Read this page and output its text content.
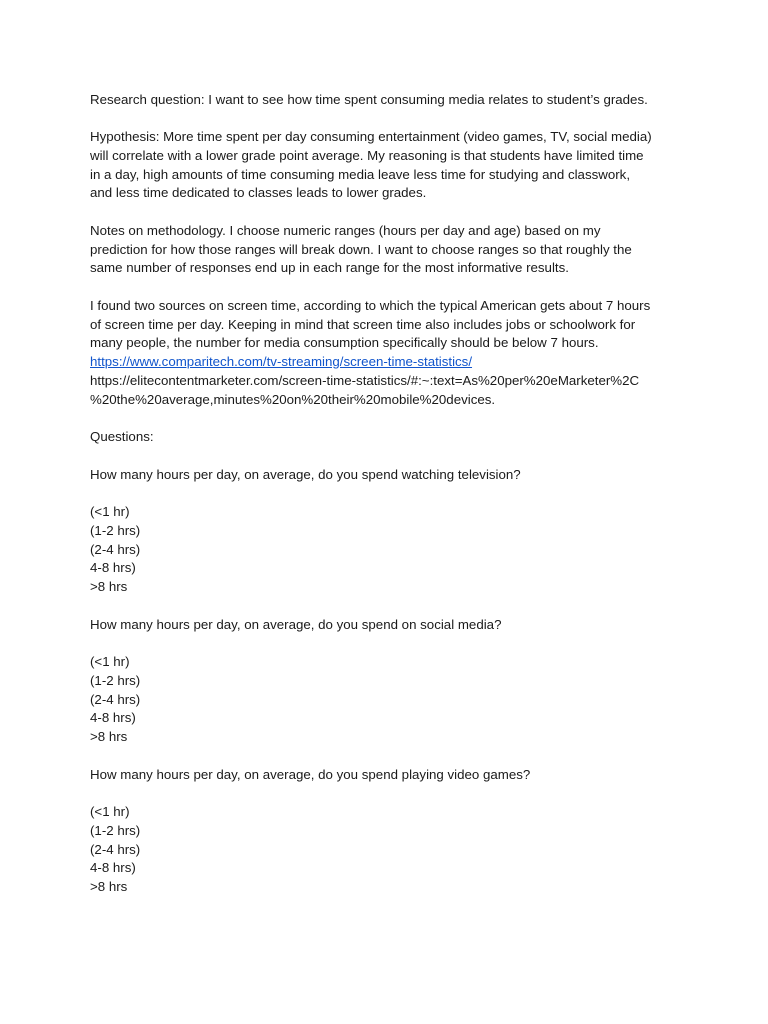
Research question: I want to see how time spent consuming media relates to student’s grades.
Hypothesis: More time spent per day consuming entertainment (video games, TV, social media)
will correlate with a lower grade point average. My reasoning is that students have limited time
in a day, high amounts of time consuming media leave less time for studying and classwork,
and less time dedicated to classes leads to lower grades.
Notes on methodology. I choose numeric ranges (hours per day and age) based on my
prediction for how those ranges will break down. I want to choose ranges so that roughly the
same number of responses end up in each range for the most informative results.
I found two sources on screen time, according to which the typical American gets about 7 hours
of screen time per day. Keeping in mind that screen time also includes jobs or schoolwork for
many people, the number for media consumption specifically should be below 7 hours.
https://www.comparitech.com/tv-streaming/screen-time-statistics/
https://elitecontentmarketer.com/screen-time-statistics/#:~:text=As%20per%20eMarketer%2C
%20the%20average,minutes%20on%20their%20mobile%20devices.
Questions:
How many hours per day, on average, do you spend watching television?
(<1 hr)
(1-2 hrs)
(2-4 hrs)
4-8 hrs)
>8 hrs
How many hours per day, on average, do you spend on social media?
(<1 hr)
(1-2 hrs)
(2-4 hrs)
4-8 hrs)
>8 hrs
How many hours per day, on average, do you spend playing video games?
(<1 hr)
(1-2 hrs)
(2-4 hrs)
4-8 hrs)
>8 hrs
